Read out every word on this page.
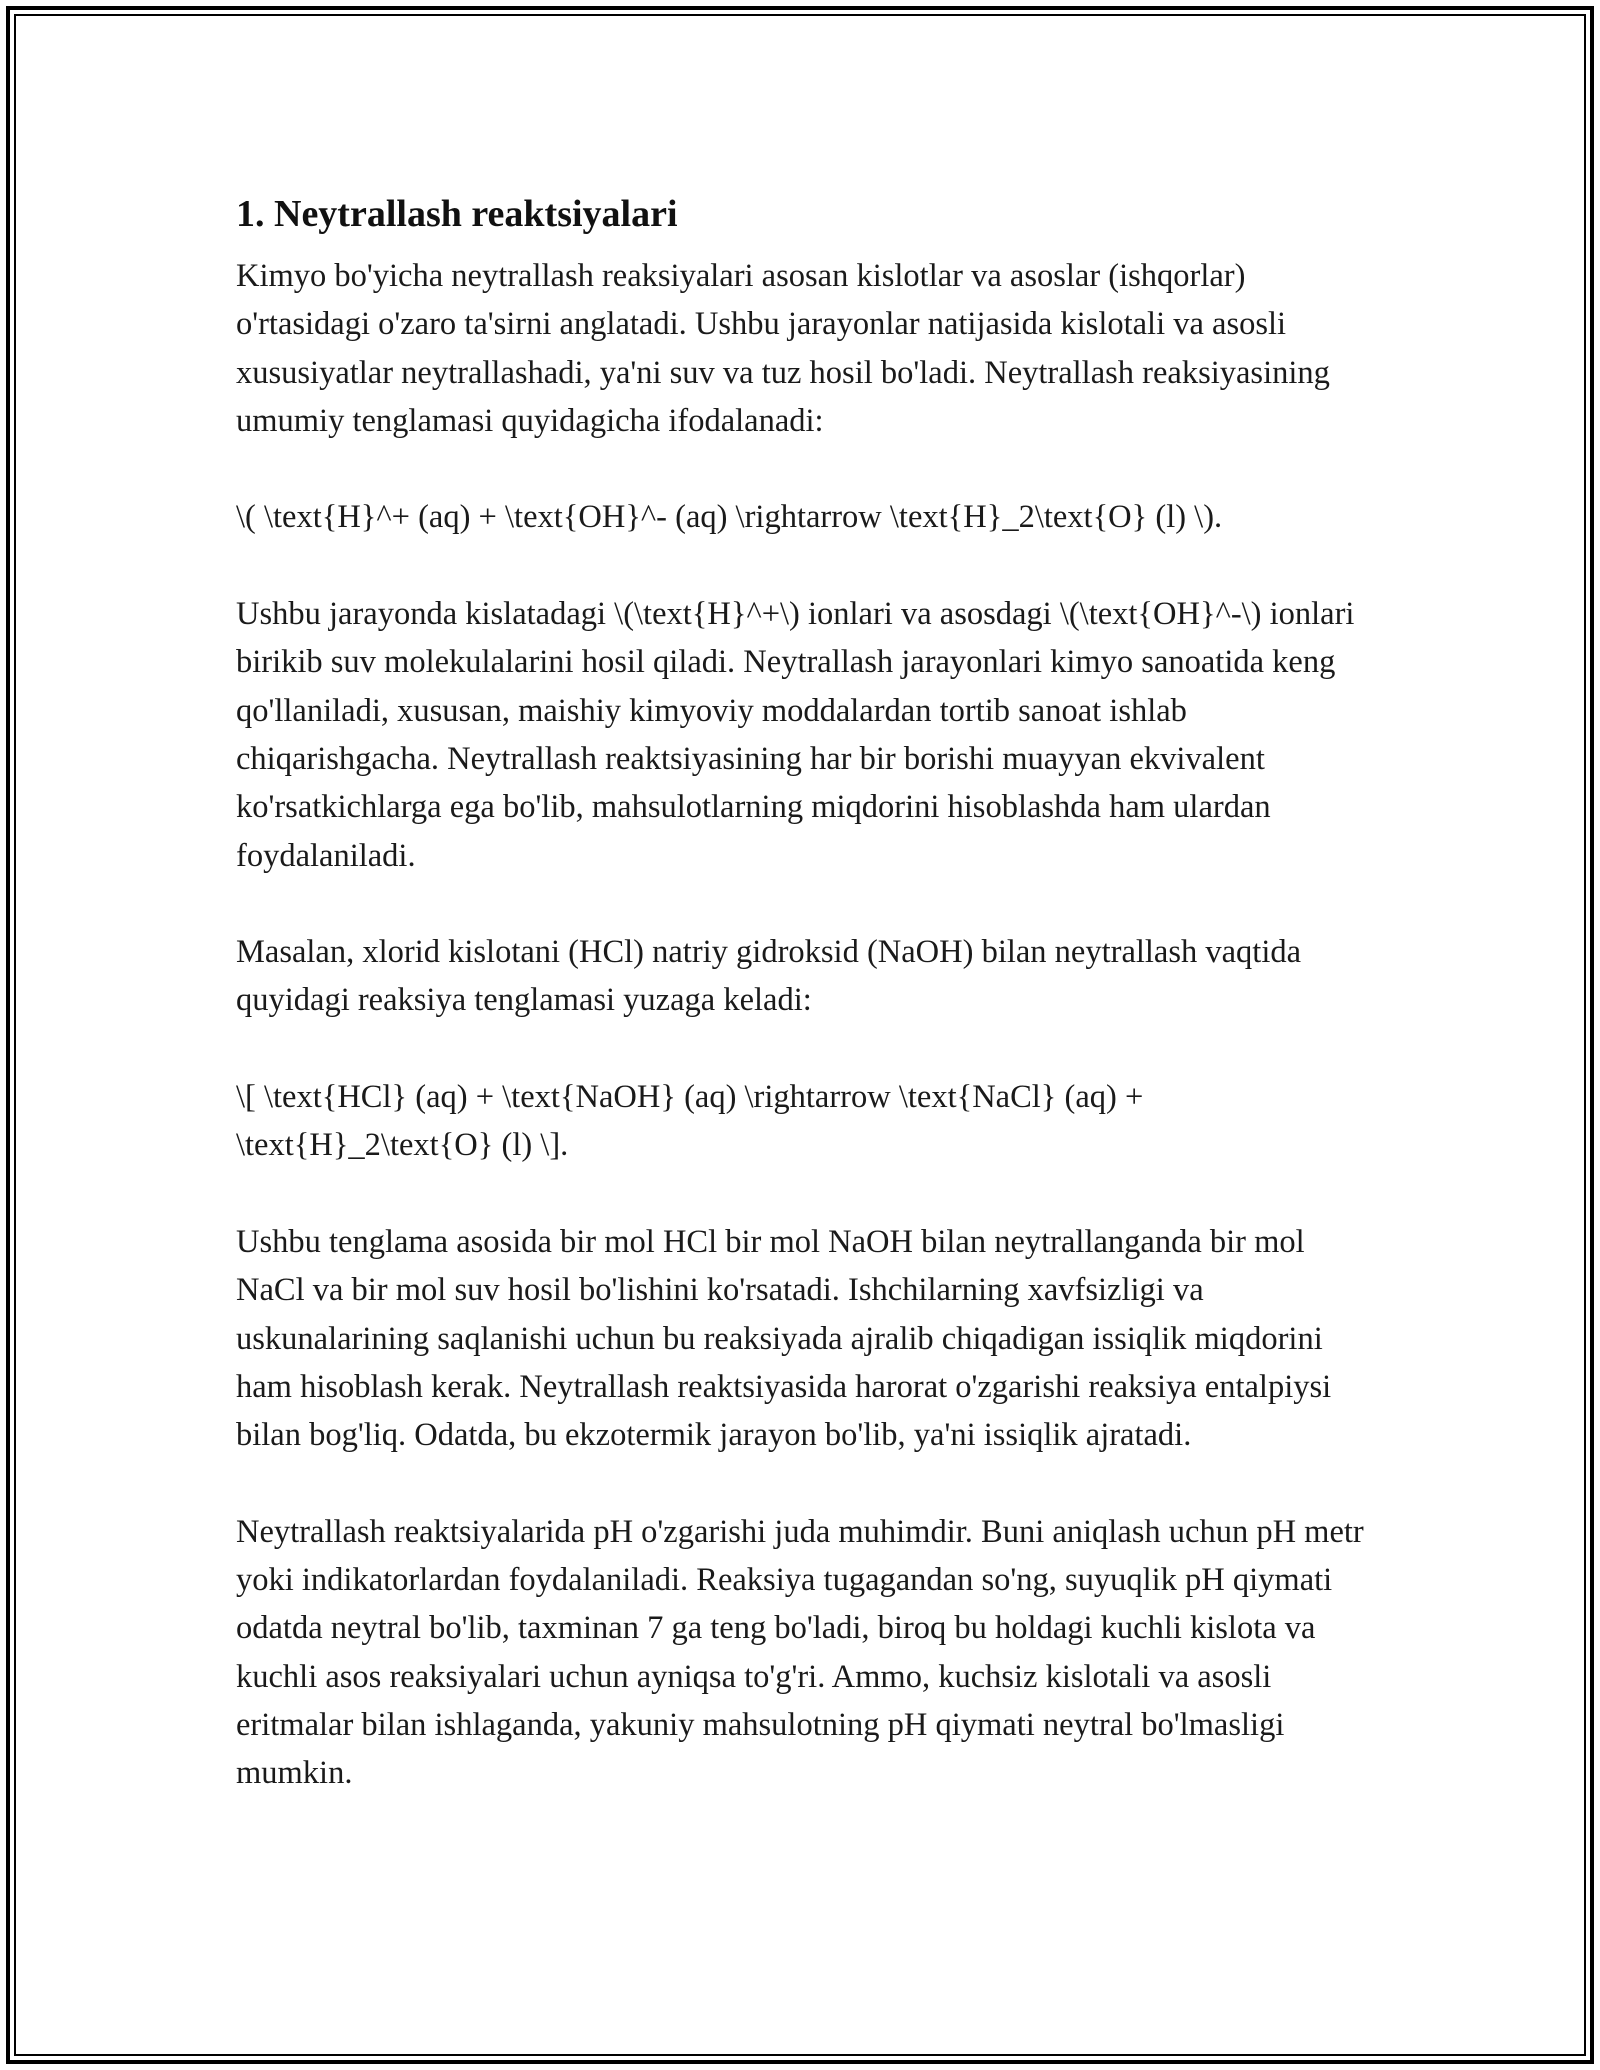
1. Neytrallash reaktsiyalari

Kimyo bo'yicha neytrallash reaksiyalari asosan kislotlar va asoslar (ishqorlar) o'rtasidagi o'zaro ta'sirni anglatadi. Ushbu jarayonlar natijasida kislotali va asosli xususiyatlar neytrallashadi, ya'ni suv va tuz hosil bo'ladi. Neytrallash reaksiyasining umumiy tenglamasi quyidagicha ifodalanadi:

\( \text{H}^+ (aq) + \text{OH}^- (aq) \rightarrow \text{H}_2\text{O} (l) \).

Ushbu jarayonda kislatadagi \(\text{H}^+\) ionlari va asosdagi \(\text{OH}^-\) ionlari birikib suv molekulalarini hosil qiladi. Neytrallash jarayonlari kimyo sanoatida keng qo'llaniladi, xususan, maishiy kimyoviy moddalardan tortib sanoat ishlab chiqarishgacha. Neytrallash reaktsiyasining har bir borishi muayyan ekvivalent ko'rsatkichlarga ega bo'lib, mahsulotlarning miqdorini hisoblashda ham ulardan foydalaniladi.

Masalan, xlorid kislotani (HCl) natriy gidroksid (NaOH) bilan neytrallash vaqtida quyidagi reaksiya tenglamasi yuzaga keladi:

\[ \text{HCl} (aq) + \text{NaOH} (aq) \rightarrow \text{NaCl} (aq) + \text{H}_2\text{O} (l) \].

Ushbu tenglama asosida bir mol HCl bir mol NaOH bilan neytrallanganda bir mol NaCl va bir mol suv hosil bo'lishini ko'rsatadi. Ishchilarning xavfsizligi va uskunalarining saqlanishi uchun bu reaksiyada ajralib chiqadigan issiqlik miqdorini ham hisoblash kerak. Neytrallash reaktsiyasida harorat o'zgarishi reaksiya entalpiysi bilan bog'liq. Odatda, bu ekzotermik jarayon bo'lib, ya'ni issiqlik ajratadi.

Neytrallash reaktsiyalarida pH o'zgarishi juda muhimdir. Buni aniqlash uchun pH metr yoki indikatorlardan foydalaniladi. Reaksiya tugagandan so'ng, suyuqlik pH qiymati odatda neytral bo'lib, taxminan 7 ga teng bo'ladi, biroq bu holdagi kuchli kislota va kuchli asos reaksiyalari uchun ayniqsa to'g'ri. Ammo, kuchsiz kislotali va asosli eritmalar bilan ishlaganda, yakuniy mahsulotning pH qiymati neytral bo'lmasligi mumkin.
